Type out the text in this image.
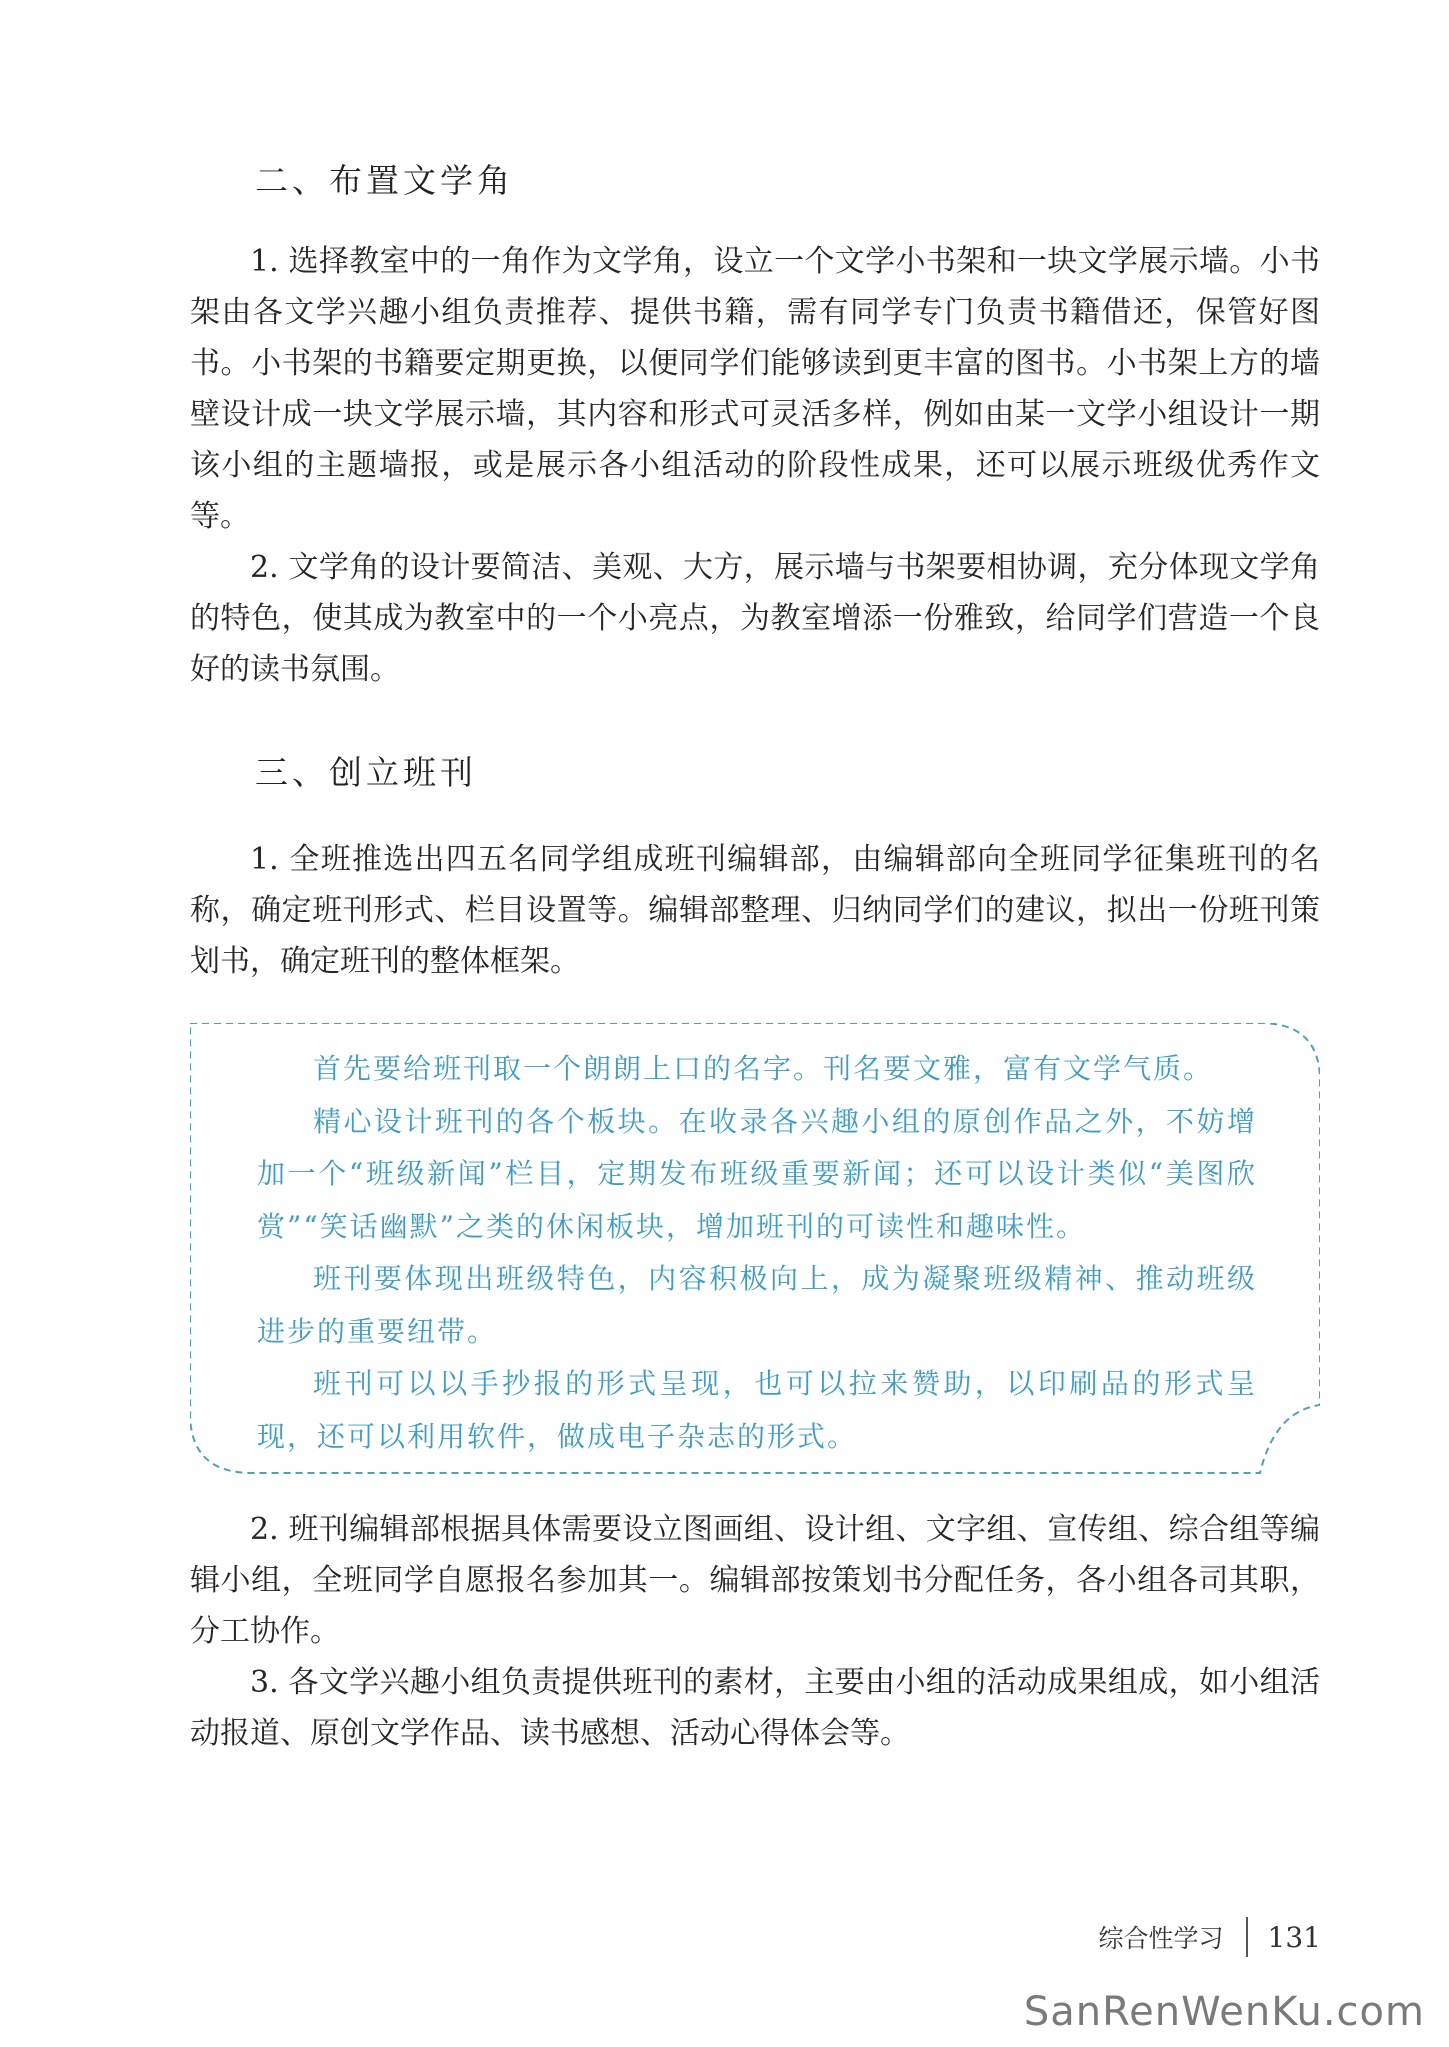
二、布置文学角

1. 选择教室中的一角作为文学角，设立一个文学小书架和一块文学展示墙。小书架由各文学兴趣小组负责推荐、提供书籍，需有同学专门负责书籍借还，保管好图书。小书架的书籍要定期更换，以便同学们能够读到更丰富的图书。小书架上方的墙壁设计成一块文学展示墙，其内容和形式可灵活多样，例如由某一文学小组设计一期该小组的主题墙报，或是展示各小组活动的阶段性成果，还可以展示班级优秀作文等。

2. 文学角的设计要简洁、美观、大方，展示墙与书架要相协调，充分体现文学角的特色，使其成为教室中的一个小亮点，为教室增添一份雅致，给同学们营造一个良好的读书氛围。

三、创立班刊

1. 全班推选出四五名同学组成班刊编辑部，由编辑部向全班同学征集班刊的名称，确定班刊形式、栏目设置等。编辑部整理、归纳同学们的建议，拟出一份班刊策划书，确定班刊的整体框架。

首先要给班刊取一个朗朗上口的名字。刊名要文雅，富有文学气质。

精心设计班刊的各个板块。在收录各兴趣小组的原创作品之外，不妨增加一个“班级新闻”栏目，定期发布班级重要新闻；还可以设计类似“美图欣赏”“笑话幽默”之类的休闲板块，增加班刊的可读性和趣味性。

班刊要体现出班级特色，内容积极向上，成为凝聚班级精神、推动班级进步的重要纽带。

班刊可以以手抄报的形式呈现，也可以拉来赞助，以印刷品的形式呈现，还可以利用软件，做成电子杂志的形式。

2. 班刊编辑部根据具体需要设立图画组、设计组、文字组、宣传组、综合组等编辑小组，全班同学自愿报名参加其一。编辑部按策划书分配任务，各小组各司其职，分工协作。

3. 各文学兴趣小组负责提供班刊的素材，主要由小组的活动成果组成，如小组活动报道、原创文学作品、读书感想、活动心得体会等。

综合性学习 131
SanRenWenKu.com
